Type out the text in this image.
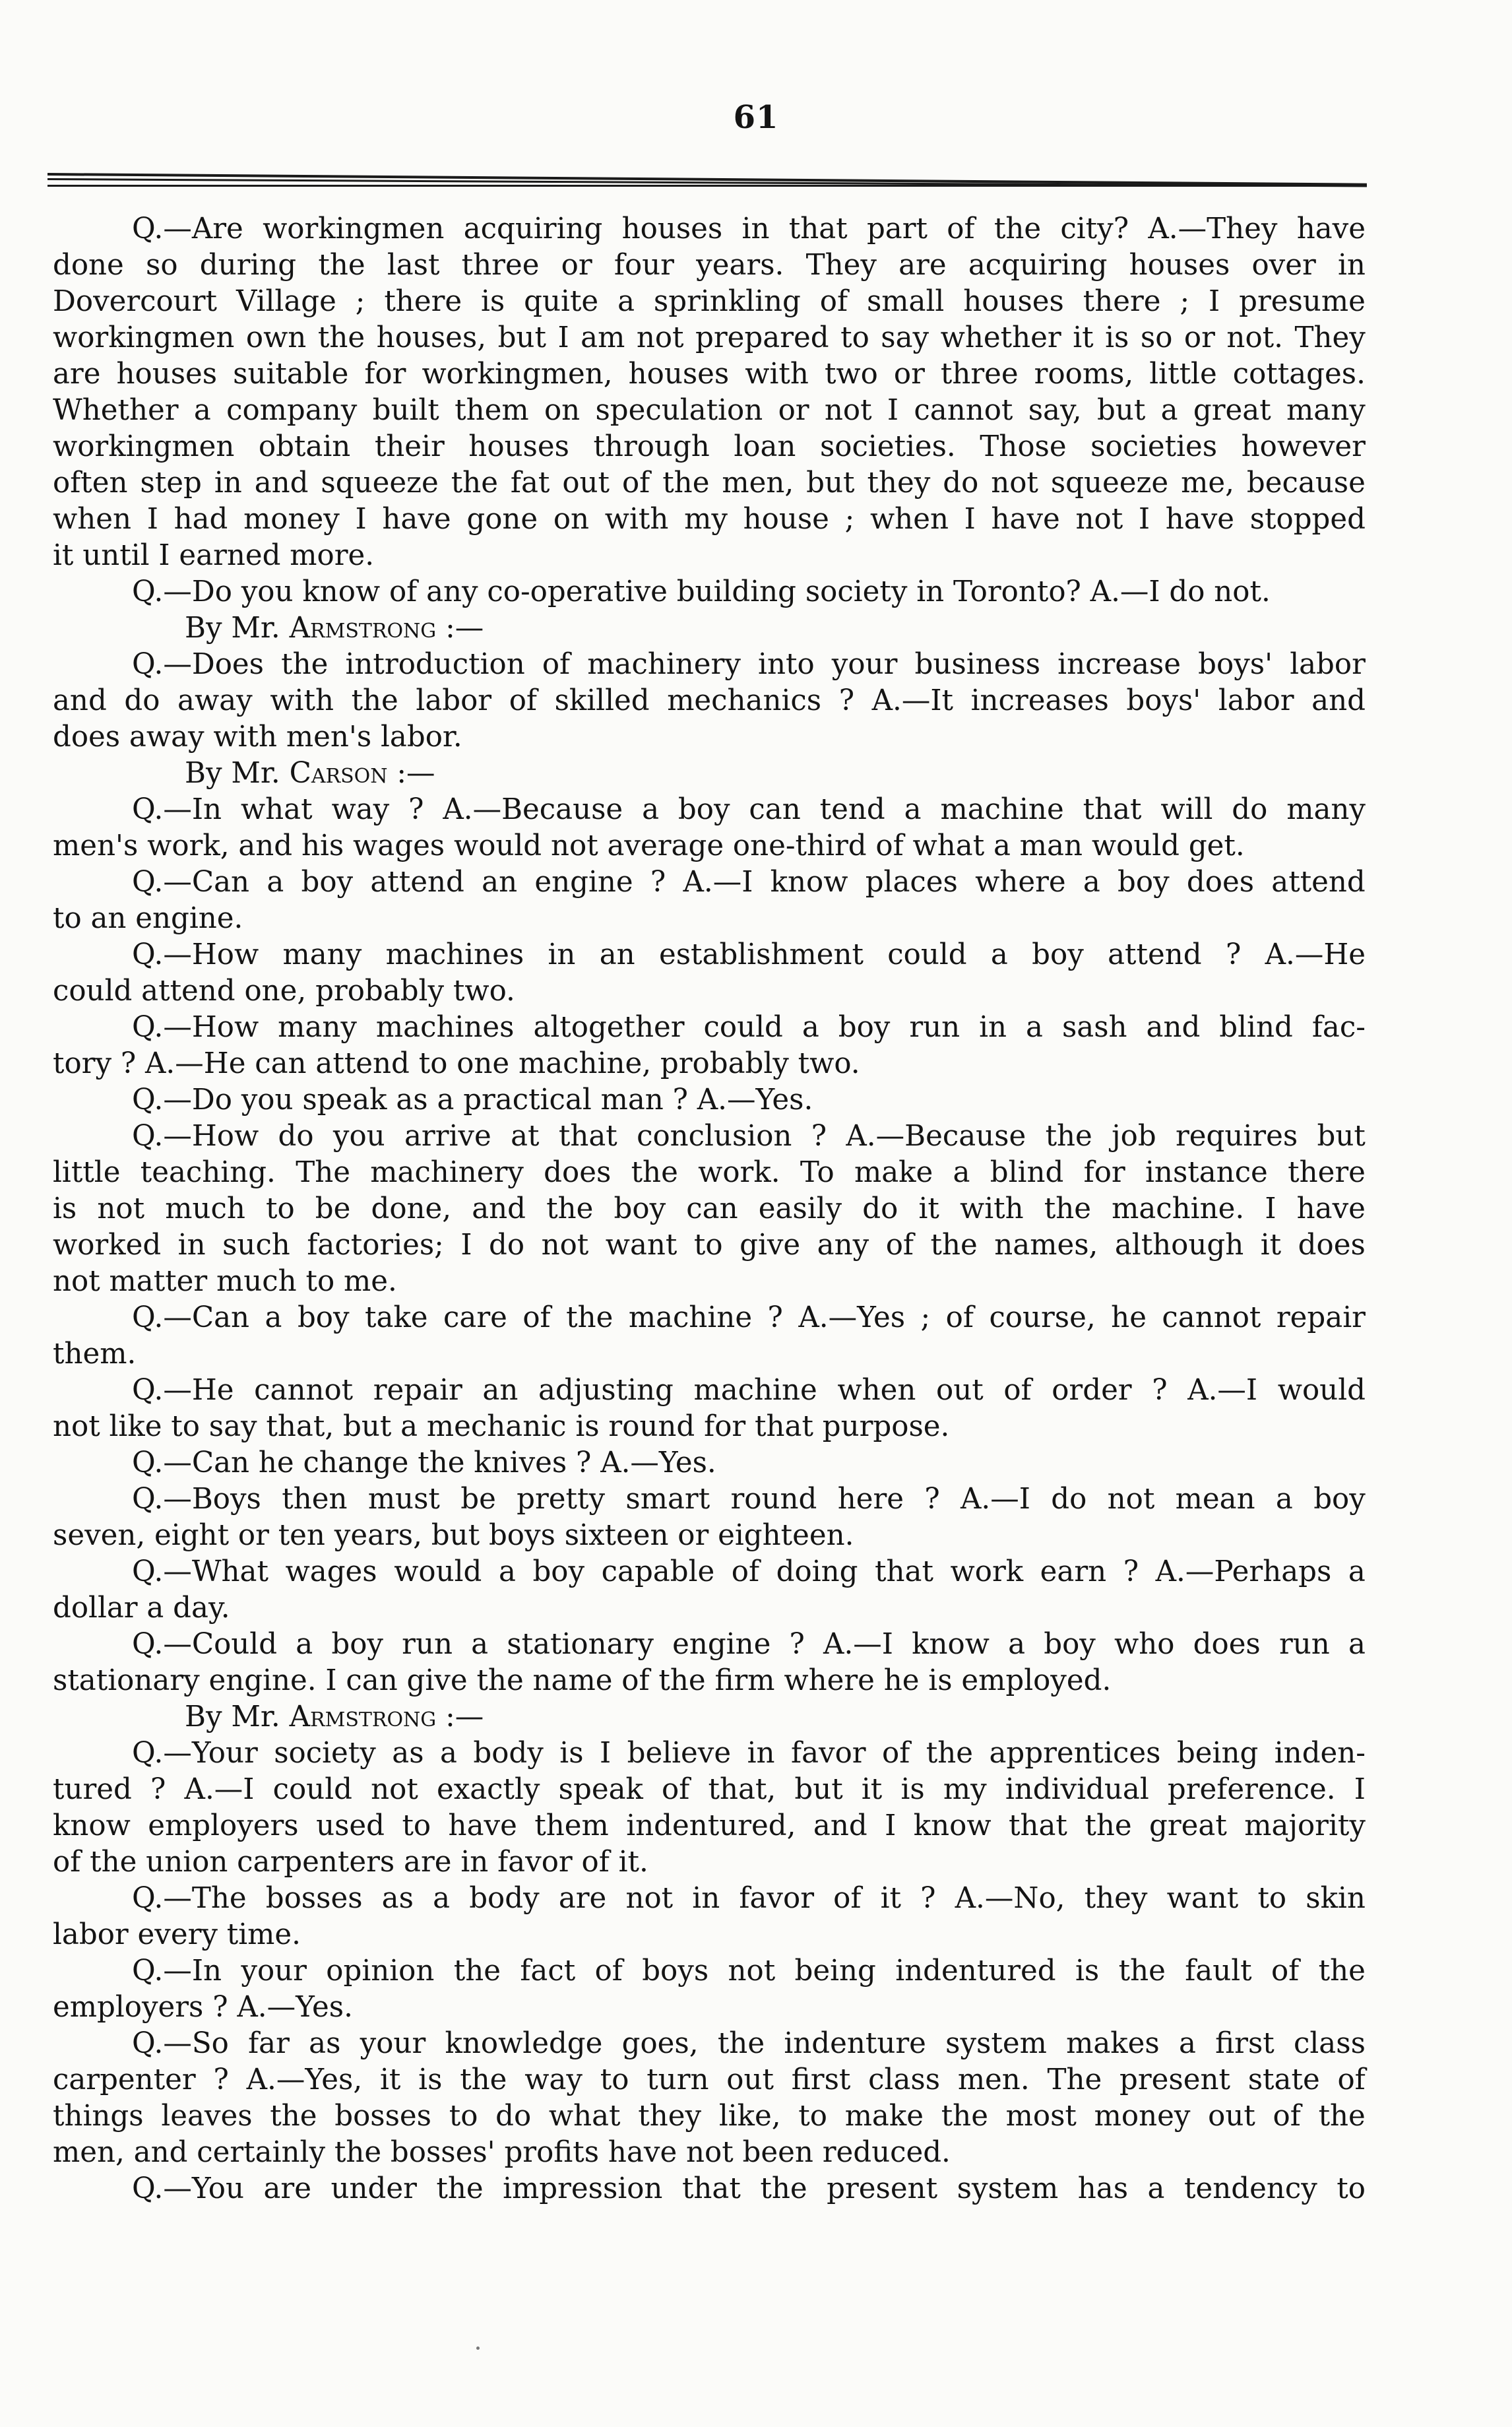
61
Q.—Are workingmen acquiring houses in that part of the city? A.—They have
done so during the last three or four years. They are acquiring houses over in
Dovercourt Village ; there is quite a sprinkling of small houses there ; I presume
workingmen own the houses, but I am not prepared to say whether it is so or not. They
are houses suitable for workingmen, houses with two or three rooms, little cottages.
Whether a company built them on speculation or not I cannot say, but a great many
workingmen obtain their houses through loan societies. Those societies however
often step in and squeeze the fat out of the men, but they do not squeeze me, because
when I had money I have gone on with my house ; when I have not I have stopped
it until I earned more.
Q.—Do you know of any co-operative building society in Toronto? A.—I do not.
By Mr. Armstrong :—
Q.—Does the introduction of machinery into your business increase boys' labor
and do away with the labor of skilled mechanics ? A.—It increases boys' labor and
does away with men's labor.
By Mr. Carson :—
Q.—In what way ? A.—Because a boy can tend a machine that will do many
men's work, and his wages would not average one-third of what a man would get.
Q.—Can a boy attend an engine ? A.—I know places where a boy does attend
to an engine.
Q.—How many machines in an establishment could a boy attend ? A.—He
could attend one, probably two.
Q.—How many machines altogether could a boy run in a sash and blind fac-
tory ? A.—He can attend to one machine, probably two.
Q.—Do you speak as a practical man ? A.—Yes.
Q.—How do you arrive at that conclusion ? A.—Because the job requires but
little teaching. The machinery does the work. To make a blind for instance there
is not much to be done, and the boy can easily do it with the machine. I have
worked in such factories; I do not want to give any of the names, although it does
not matter much to me.
Q.—Can a boy take care of the machine ? A.—Yes ; of course, he cannot repair
them.
Q.—He cannot repair an adjusting machine when out of order ? A.—I would
not like to say that, but a mechanic is round for that purpose.
Q.—Can he change the knives ? A.—Yes.
Q.—Boys then must be pretty smart round here ? A.—I do not mean a boy
seven, eight or ten years, but boys sixteen or eighteen.
Q.—What wages would a boy capable of doing that work earn ? A.—Perhaps a
dollar a day.
Q.—Could a boy run a stationary engine ? A.—I know a boy who does run a
stationary engine. I can give the name of the firm where he is employed.
By Mr. Armstrong :—
Q.—Your society as a body is I believe in favor of the apprentices being inden-
tured ? A.—I could not exactly speak of that, but it is my individual preference. I
know employers used to have them indentured, and I know that the great majority
of the union carpenters are in favor of it.
Q.—The bosses as a body are not in favor of it ? A.—No, they want to skin
labor every time.
Q.—In your opinion the fact of boys not being indentured is the fault of the
employers ? A.—Yes.
Q.—So far as your knowledge goes, the indenture system makes a first class
carpenter ? A.—Yes, it is the way to turn out first class men. The present state of
things leaves the bosses to do what they like, to make the most money out of the
men, and certainly the bosses' profits have not been reduced.
Q.—You are under the impression that the present system has a tendency to
